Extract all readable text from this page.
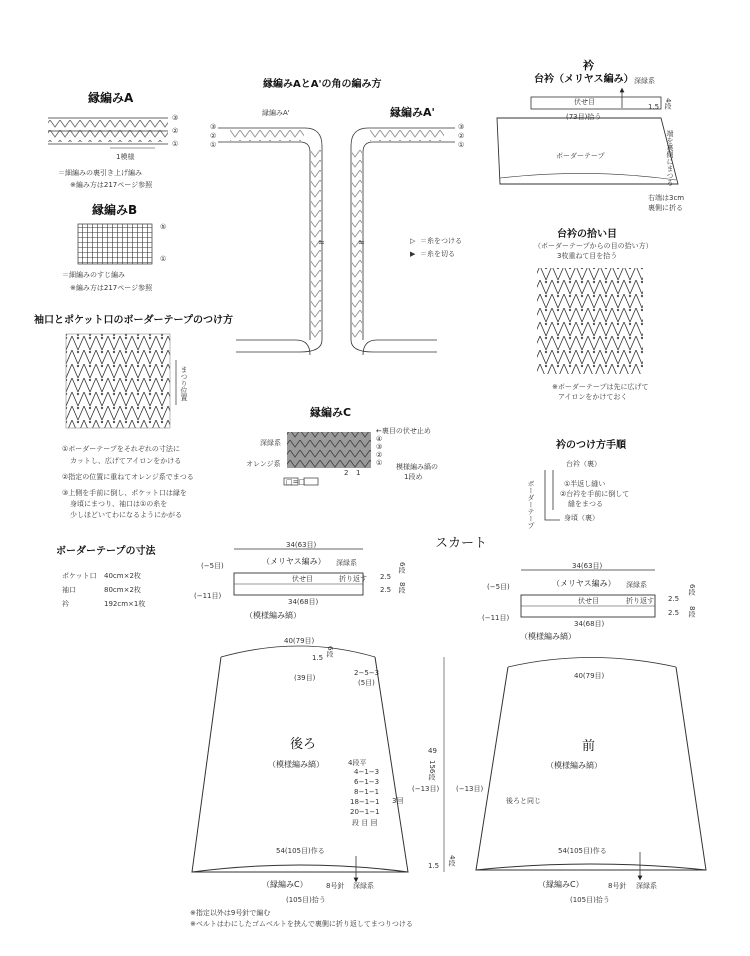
≈	≈
縁編みA
③
②
①
1模様
＝細編みの裏引き上げ編み
※編み方は217ページ参照
縁編みB
⑤
①
＝細編みのすじ編み
※編み方は217ページ参照
袖口とポケット口のボーダーテープのつけ方
まつり位置
①ボーダーテープをそれぞれの寸法に
カットし、広げてアイロンをかける
②指定の位置に重ねてオレンジ系でまつる
③上側を手前に倒し、ポケット口は縁を
身頃にまつり、袖口は①の糸を
少しほどいてわになるようにかがる
ボーダーテープの寸法
ポケット口 40cm×2枚
袖口	80cm×2枚
衿	192cm×1枚
縁編みAとA'の角の編み方
縁編みA'	縁編みA'
③
②
①
③
②
①
▷ ＝糸をつける
▶ ＝糸を切る
縁編みC
←裏目の伏せ止め
深緑系
オレンジ系
④
③
②
①
2 1
模様編み縞の
1段め
□=□
衿
台衿（メリヤス編み） 深緑系
伏せ目
(73目)拾う
ボーダーテープ
1.5 4段
端を裏側にまつる
右端は3cm
裏側に折る
台衿の拾い目
（ボーダーテープからの目の拾い方）
3枚重ねて目を拾う
※ボーダーテープは先に広げて
アイロンをかけておく
衿のつけ方手順
台衿（裏）
①半返し縫い
②台衿を手前に倒して
縫をまつる
身頃（裏）
ボーダーテープ
スカート
34(63目)
(−5目)	（メリヤス編み） 深緑系
伏せ目	折り返す 2.5
2.5
6段
8段
(−11目)
34(68目)
（模様編み縞）
40(79目)
1.5
6段
(39目)
2−5−3
(5目)
後ろ
（模様編み縞）	4段平
4−1−3
6−1−3
8−1−1
18−1−1
20−1−1
段 目 回
3回
(−13目)
54(105目)作る
（縁編みC）	8号針 深緑系
(105目)拾う
49
156段
1.5 4段
34(63目)
(−5目)	（メリヤス編み） 深緑系
伏せ目	折り返す 2.5
2.5
6段
8段
(−11目)
34(68目)
（模様編み縞）
40(79目)
前
（模様編み縞）
後ろと同じ
(−13目)
54(105目)作る
（縁編みC）	8号針 深緑系
(105目)拾う
※指定以外は9号針で編む
※ベルトはわにしたゴムベルトを挟んで裏側に折り返してまつりつける
